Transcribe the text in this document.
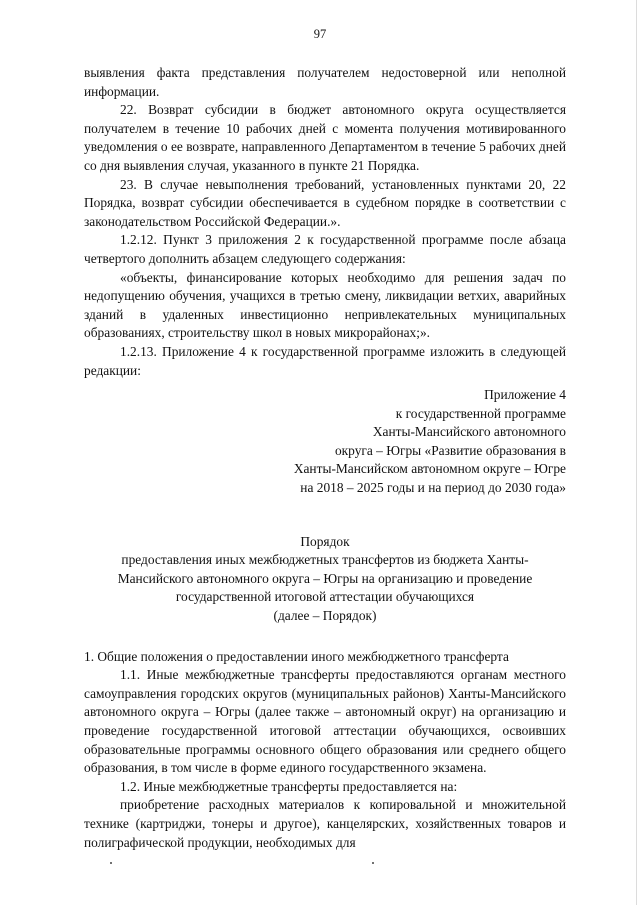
97

выявления факта представления получателем недостоверной или неполной информации.

22. Возврат субсидии в бюджет автономного округа осуществляется получателем в течение 10 рабочих дней с момента получения мотивированного уведомления о ее возврате, направленного Департаментом в течение 5 рабочих дней со дня выявления случая, указанного в пункте 21 Порядка.

23. В случае невыполнения требований, установленных пунктами 20, 22 Порядка, возврат субсидии обеспечивается в судебном порядке в соответствии с законодательством Российской Федерации.».

1.2.12. Пункт 3 приложения 2 к государственной программе после абзаца четвертого дополнить абзацем следующего содержания:

«объекты, финансирование которых необходимо для решения задач по недопущению обучения, учащихся в третью смену, ликвидации ветхих, аварийных зданий в удаленных инвестиционно непривлекательных муниципальных образованиях, строительству школ в новых микрорайонах;».

1.2.13. Приложение 4 к государственной программе изложить в следующей редакции:

Приложение 4
к государственной программе
Ханты-Мансийского автономного
округа – Югры «Развитие образования в
Ханты-Мансийском автономном округе – Югре
на 2018 – 2025 годы и на период до 2030 года»

Порядок
предоставления иных межбюджетных трансфертов из бюджета Ханты-
Мансийского автономного округа – Югры на организацию и проведение
государственной итоговой аттестации обучающихся
(далее – Порядок)

1. Общие положения о предоставлении иного межбюджетного трансферта

1.1. Иные межбюджетные трансферты предоставляются органам местного самоуправления городских округов (муниципальных районов) Ханты-Мансийского автономного округа – Югры (далее также – автономный округ) на организацию и проведение государственной итоговой аттестации обучающихся, освоивших образовательные программы основного общего образования или среднего общего образования, в том числе в форме единого государственного экзамена.

1.2. Иные межбюджетные трансферты предоставляется на:

приобретение расходных материалов к копировальной и множительной технике (картриджи, тонеры и другое), канцелярских, хозяйственных товаров и полиграфической продукции, необходимых для
